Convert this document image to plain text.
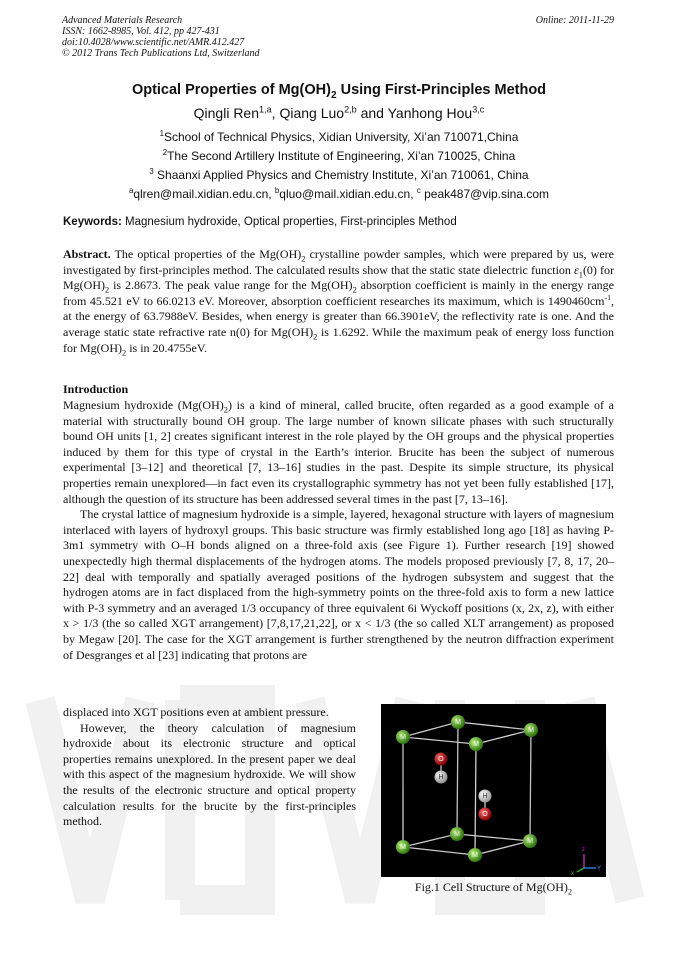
Advanced Materials Research
ISSN: 1662-8985, Vol. 412, pp 427-431
doi:10.4028/www.scientific.net/AMR.412.427
© 2012 Trans Tech Publications Ltd, Switzerland
Online: 2011-11-29
Optical Properties of $Mg(OH)_2$ Using First-Principles Method
Qingli Ren$^{1,a}$, Qiang Luo$^{2,b}$ and Yanhong Hou$^{3,c}$
$^1$School of Technical Physics, Xidian University, Xi’an 710071,China
$^2$The Second Artillery Institute of Engineering, Xi’an 710025, China
$^3$ Shaanxi Applied Physics and Chemistry Institute, Xi’an 710061, China
$^a$qlren@mail.xidian.edu.cn, $^b$qluo@mail.xidian.edu.cn, $^c$ peak487@vip.sina.com
Keywords: Magnesium hydroxide, Optical properties, First-principles Method
Abstract. The optical properties of the $Mg(OH)_2$ crystalline powder samples, which were prepared by us, were investigated by first-principles method. The calculated results show that the static state dielectric function $\varepsilon_1(0)$ for $Mg(OH)_2$ is 2.8673. The peak value range for the $Mg(OH)_2$ absorption coefficient is mainly in the energy range from 45.521 eV to 66.0213 eV. Moreover, absorption coefficient researches its maximum, which is $1490460cm^{-1}$, at the energy of 63.7988eV. Besides, when energy is greater than 66.3901eV, the reflectivity rate is one. And the average static state refractive rate n(0) for $Mg(OH)_2$ is 1.6292. While the maximum peak of energy loss function for $Mg(OH)_2$ is in 20.4755eV.
Introduction

Magnesium hydroxide $(Mg(OH)_2)$ is a kind of mineral, called brucite, often regarded as a good example of a material with structurally bound OH group. The large number of known silicate phases with such structurally bound OH units [1, 2] creates significant interest in the role played by the OH groups and the physical properties induced by them for this type of crystal in the Earth’s interior. Brucite has been the subject of numerous experimental [3–12] and theoretical [7, 13–16] studies in the past. Despite its simple structure, its physical properties remain unexplored—in fact even its crystallographic symmetry has not yet been fully established [17], although the question of its structure has been addressed several times in the past [7, 13–16].

The crystal lattice of magnesium hydroxide is a simple, layered, hexagonal structure with layers of magnesium interlaced with layers of hydroxyl groups. This basic structure was firmly established long ago [18] as having P-3m1 symmetry with O–H bonds aligned on a three-fold axis (see Figure 1). Further research [19] showed unexpectedly high thermal displacements of the hydrogen atoms. The models proposed previously [7, 8, 17, 20–22] deal with temporally and spatially averaged positions of the hydrogen subsystem and suggest that the hydrogen atoms are in fact displaced from the high-symmetry points on the three-fold axis to form a new lattice with P-3 symmetry and an averaged 1/3 occupancy of three equivalent 6i Wyckoff positions (x, 2x, z), with either x > 1/3 (the so called XGT arrangement) [7,8,17,21,22], or x < 1/3 (the so called XLT arrangement) as proposed by Megaw [20]. The case for the XGT arrangement is further strengthened by the neutron diffraction experiment of Desgranges et al [23] indicating that protons are

displaced into XGT positions even at ambient pressure.

However, the theory calculation of magnesium hydroxide about its electronic structure and optical properties remains unexplored. In the present paper we deal with this aspect of the magnesium hydroxide. We will show the results of the electronic structure and optical property calculation results for the brucite by the first-principles method.

M
M
M
M
O
H
H
O
M
M
M
M
z
Y
x
Fig.1 Cell Structure of $Mg(OH)_2$
